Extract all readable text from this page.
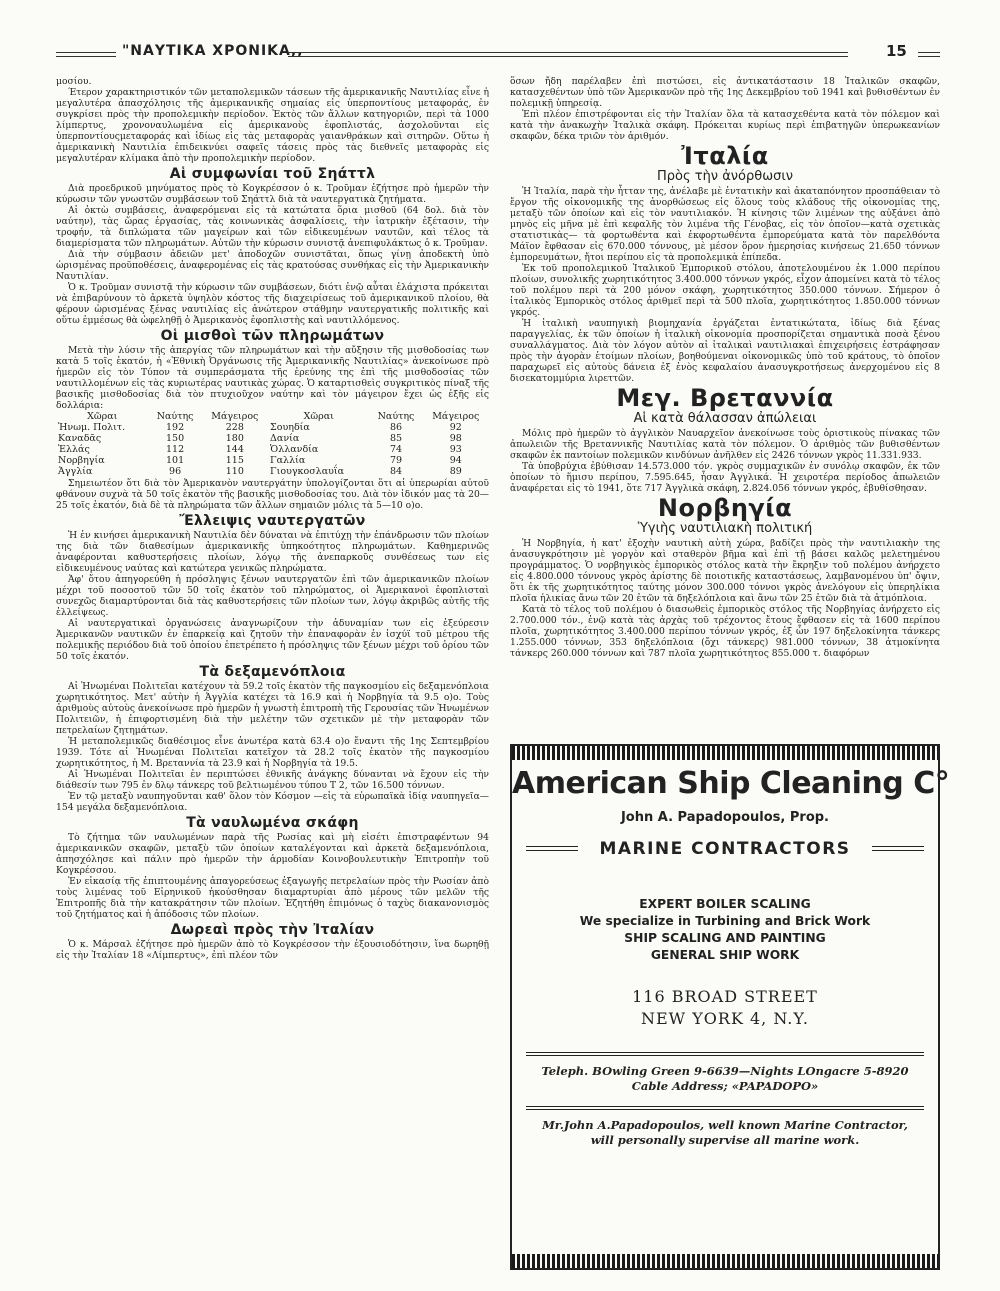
"ΝΑΥΤΙΚΑ ΧΡΟΝΙΚΑ,,	15

μοσίου.

Έτερον χαρακτηριστικόν τῶν μεταπολεμικῶν τάσεων τῆς ἀμερικανικῆς Ναυτιλίας εἶνε ἡ μεγαλυτέρα ἀπασχόλησις τῆς ἀμερικανικῆς σημαίας εἰς ὑπερποντίους μεταφοράς, ἐν συγκρίσει πρὸς τὴν προπολεμικὴν περίοδον. Ἐκτὸς τῶν ἄλλων κατηγοριῶν, περὶ τὰ 1000 λίμπερτυς, χρονοναυλωμένα εἰς ἀμερικανοὺς ἐφοπλιστάς, ἀσχολοῦνται εἰς ὑπερποντίουςμεταφοράς καὶ ἰδίως εἰς τὰς μεταφορὰς γαιανθράκων καὶ σιτηρῶν. Οὕτω ἡ ἀμερικανικὴ Ναυτιλία ἐπιδεικνύει σαφεῖς τάσεις πρὸς τὰς διεθνεῖς μεταφορὰς εἰς μεγαλυτέραν κλίμακα ἀπὸ τὴν προπολεμικὴν περίοδον.

Αἱ συμφωνίαι τοῦ Σηάττλ

Διὰ προεδρικοῦ μηνύματος πρὸς τὸ Κογκρέσσον ὁ κ. Τροῦμαν ἐζήτησε πρὸ ἡμερῶν τὴν κύρωσιν τῶν γνωστῶν συμβάσεων τοῦ Σηάττλ διὰ τὰ ναυτεργατικὰ ζητήματα.

Αἱ ὀκτὼ συμβάσεις, ἀναφερόμεναι εἰς τὰ κατώτατα ὅρια μισθοῦ (64 δολ. διὰ τὸν ναύτην), τὰς ὥρας ἐργασίας, τὰς κοινωνικὰς ἀσφαλίσεις, τὴν ἰατρικὴν ἐξέτασιν, τὴν τροφήν, τὰ διπλώματα τῶν μαγείρων καὶ τῶν εἰδικευμένων ναυτῶν, καὶ τέλος τὰ διαμερίσματα τῶν πληρωμάτων. Αὐτῶν τὴν κύρωσιν συνιστᾷ ἀνεπιφυλάκτως ὁ κ. Τροῦμαν.

Διὰ τὴν σύμβασιν ἀδειῶν μετ' ἀποδοχῶν συνιστᾶται, ὅπως γίνῃ ἀποδεκτὴ ὑπὸ ὡρισμένας προϋποθέσεις, ἀναφερομένας εἰς τὰς κρατούσας συνθήκας εἰς τὴν Ἀμερικανικὴν Ναυτιλίαν.

Ὁ κ. Τροῦμαν συνιστᾷ τὴν κύρωσιν τῶν συμβάσεων, διότι ἐνῷ αὗται ἐλάχιστα πρόκειται νὰ ἐπιβαρύνουν τὸ ἀρκετὰ ὑψηλὸν κόστος τῆς διαχειρίσεως τοῦ ἀμερικανικοῦ πλοίου, θὰ φέρουν ὡρισμένας ξένας ναυτιλίας εἰς ἀνώτερον στάθμην ναυτεργατικῆς πολιτικῆς καὶ οὕτω ἐμμέσως θὰ ὠφεληθῇ ὁ Ἀμερικανὸς ἐφοπλιστὴς καὶ ναυτιλλόμενος.

Οἱ μισθοὶ τῶν πληρωμάτων

Μετὰ τὴν λύσιν τῆς ἀπεργίας τῶν πληρωμάτων καὶ τὴν αὔξησιν τῆς μισθοδοσίας των κατὰ 5 τοῖς ἑκατόν, ἡ «Ἐθνικὴ Ὀργάνωσις τῆς Ἀμερικανικῆς Ναυτιλίας» ἀνεκοίνωσε πρὸ ἡμερῶν εἰς τὸν Τύπον τὰ συμπεράσματα τῆς ἐρεύνης της ἐπὶ τῆς μισθοδοσίας τῶν ναυτιλλομένων εἰς τὰς κυριωτέρας ναυτικὰς χώρας. Ὁ καταρτισθεὶς συγκριτικὸς πίναξ τῆς βασικῆς μισθοδοσίας διὰ τὸν πτυχιοῦχον ναύτην καὶ τὸν μάγειρον ἔχει ὡς ἑξῆς εἰς δολλάρια:

Χῶραι	Ναύτης	Μάγειρος	Χῶραι	Ναύτης	Μάγειρος
Ἡνωμ. Πολιτ.	192	228	Σουηδία	86	92
Καναδᾶς	150	180	Δανία	85	98
Ἑλλάς	112	144	Ὁλλανδία	74	93
Νορβηγία	101	115	Γαλλία	79	94
Ἀγγλία	96	110	Γιουγκοσλαυΐα	84	89

Σημειωτέον ὅτι διὰ τὸν Ἀμερικανὸν ναυτεργάτην ὑπολογίζονται ὅτι αἱ ὑπερωρίαι αὐτοῦ φθάνουν συχνὰ τὰ 50 τοῖς ἑκατὸν τῆς βασικῆς μισθοδοσίας του. Διὰ τὸν ἰδικόν μας τὰ 20—25 τοῖς ἑκατόν, διὰ δὲ τὰ πληρώματα τῶν ἄλλων σημαιῶν μόλις τὰ 5—10 ο)ο.

Ἔλλειψις ναυτεργατῶν

Ἡ ἐν κινήσει ἀμερικανικὴ Ναυτιλία δὲν δύναται νὰ ἐπιτύχῃ τὴν ἐπάνδρωσιν τῶν πλοίων της διὰ τῶν διαθεσίμων ἀμερικανικῆς ὑπηκοότητος πληρωμάτων. Καθημερινῶς ἀναφέρονται καθυστερήσεις πλοίων, λόγῳ τῆς ἀνεπαρκοῦς συνθέσεως των εἰς εἰδικευμένους ναύτας καὶ κατώτερα γενικῶς πληρώματα.

Ἀφ' ὅτου ἀπηγορεύθη ἡ πρόσληψις ξένων ναυτεργατῶν ἐπὶ τῶν ἀμερικανικῶν πλοίων μέχρι τοῦ ποσοστοῦ τῶν 50 τοῖς ἑκατὸν τοῦ πληρώματος, οἱ Ἀμερικανοὶ ἐφοπλισταὶ συνεχῶς διαμαρτύρονται διὰ τὰς καθυστερήσεις τῶν πλοίων των, λόγῳ ἀκριβῶς αὐτῆς τῆς ἐλλείψεως.

Αἱ ναυτεργατικαὶ ὀργανώσεις ἀναγνωρίζουν τὴν ἀδυναμίαν των εἰς ἐξεύρεσιν Ἀμερικανῶν ναυτικῶν ἐν ἐπαρκείᾳ καὶ ζητοῦν τὴν ἐπαναφορὰν ἐν ἰσχύϊ τοῦ μέτρου τῆς πολεμικῆς περιόδου διὰ τοῦ ὁποίου ἐπετρέπετο ἡ πρόσληψις τῶν ξένων μέχρι τοῦ ὁρίου τῶν 50 τοῖς ἑκατόν.

Τὰ δεξαμενόπλοια

Αἱ Ἡνωμέναι Πολιτεῖαι κατέχουν τὰ 59.2 τοῖς ἑκατὸν τῆς παγκοσμίου εἰς δεξαμενόπλοια χωρητικότητος. Μετ' αὐτὴν ἡ Ἀγγλία κατέχει τὰ 16.9 καὶ ἡ Νορβηγία τὰ 9.5 ο)ο. Τοὺς ἀριθμοὺς αὐτοὺς ἀνεκοίνωσε πρὸ ἡμερῶν ἡ γνωστὴ ἐπιτροπὴ τῆς Γερουσίας τῶν Ἡνωμένων Πολιτειῶν, ἡ ἐπιφορτισμένη διὰ τὴν μελέτην τῶν σχετικῶν μὲ τὴν μεταφορὰν τῶν πετρελαίων ζητημάτων.

Ἡ μεταπολεμικῶς διαθέσιμος εἶνε ἀνωτέρα κατὰ 63.4 ο)ο ἔναντι τῆς 1ης Σεπτεμβρίου 1939. Τότε αἱ Ἡνωμέναι Πολιτεῖαι κατεῖχον τὰ 28.2 τοῖς ἑκατὸν τῆς παγκοσμίου χωρητικότητος, ἡ Μ. Βρεταννία τὰ 23.9 καὶ ἡ Νορβηγία τὰ 19.5.

Αἱ Ἡνωμέναι Πολιτεῖαι ἐν περιπτώσει ἐθνικῆς ἀνάγκης δύνανται νὰ ἔχουν εἰς τὴν διάθεσίν των 795 ἐν δλῳ τάνκερς τοῦ βελτιωμένου τύπου Τ 2, τῶν 16.500 τόννων.

Ἐν τῷ μεταξὺ ναυπηγοῦνται καθ' ὅλον τὸν Κόσμον —εἰς τὰ εὐρωπαϊκὰ ἰδίᾳ ναυπηγεῖα— 154 μεγάλα δεξαμενόπλοια.

Τὰ ναυλωμένα σκάφη

Τὸ ζήτημα τῶν ναυλωμένων παρὰ τῆς Ρωσίας καὶ μὴ εἰσέτι ἐπιστραφέντων 94 ἀμερικανικῶν σκαφῶν, μεταξὺ τῶν ὁποίων καταλέγονται καὶ ἀρκετὰ δεξαμενόπλοια, ἀπησχόλησε καὶ πάλιν πρὸ ἡμερῶν τὴν ἁρμοδίαν Κοινοβουλευτικὴν Ἐπιτροπὴν τοῦ Κογκρέσσου.

Ἐν εἰκασίᾳ τῆς ἐπιπτουμένης ἀπαγορεύσεως ἐξαγωγῆς πετρελαίων πρὸς τὴν Ρωσίαν ἀπὸ τοὺς λιμένας τοῦ Εἰρηνικοῦ ἠκούσθησαν διαμαρτυρίαι ἀπὸ μέρους τῶν μελῶν τῆς Ἐπιτροπῆς διὰ τὴν κατακράτησιν τῶν πλοίων. Ἐζητήθη ἐπιμόνως ὁ ταχὺς διακανονισμὸς τοῦ ζητήματος καὶ ἡ ἀπόδοσις τῶν πλοίων.

Δωρεαὶ πρὸς τὴν Ἰταλίαν

Ὁ κ. Μάρσαλ ἐζήτησε πρὸ ἡμερῶν ἀπὸ τὸ Κογκρέσσον τὴν ἐξουσιοδότησιν, ἵνα δωρηθῇ εἰς τὴν Ἰταλίαν 18 «Λίμπερτυς», ἐπὶ πλέον τῶν

ὅσων ἤδη παρέλαβεν ἐπὶ πιστώσει, εἰς ἀντικατάστασιν 18 Ἰταλικῶν σκαφῶν, κατασχεθέντων ὑπὸ τῶν Ἀμερικανῶν πρὸ τῆς 1ης Δεκεμβρίου τοῦ 1941 καὶ βυθισθέντων ἐν πολεμικῇ ὑπηρεσίᾳ.

Ἐπὶ πλέον ἐπιστρέφονται εἰς τὴν Ἰταλίαν ὅλα τὰ κατασχεθέντα κατὰ τὸν πόλεμον καὶ κατὰ τὴν ἀνακωχὴν Ἰταλικὰ σκάφη. Πρόκειται κυρίως περὶ ἐπιβατηγῶν ὑπερωκεανίων σκαφῶν, δέκα τριῶν τὸν ἀριθμόν.

Ἰταλία
Πρὸς τὴν ἀνόρθωσιν

Ἡ Ἰταλία, παρὰ τὴν ἧτταν της, ἀνέλαβε μὲ ἐντατικὴν καὶ ἀκαταπόνητον προσπάθειαν τὸ ἔργον τῆς οἰκονομικῆς της ἀνορθώσεως εἰς ὅλους τοὺς κλάδους τῆς οἰκονομίας της, μεταξὺ τῶν ὁποίων καὶ εἰς τὸν ναυτιλιακόν. Ἡ κίνησις τῶν λιμένων της αὐξάνει ἀπὸ μηνὸς εἰς μῆνα μὲ ἐπὶ κεφαλῆς τὸν λιμένα τῆς Γένοβας, εἰς τὸν ὁποῖον—κατὰ σχετικὰς στατιστικὰς— τὰ φορτωθέντα καὶ ἐκφορτωθέντα ἐμπορεύματα κατὰ τὸν παρελθόντα Μάϊον ἔφθασαν εἰς 670.000 τόννους, μὲ μέσον ὅρον ἡμερησίας κινήσεως 21.650 τόννων ἐμπορευμάτων, ἤτοι περίπου εἰς τὰ προπολεμικὰ ἐπίπεδα.

Ἐκ τοῦ προπολεμικοῦ Ἰταλικοῦ Ἐμπορικοῦ στόλου, ἀποτελουμένου ἐκ 1.000 περίπου πλοίων, συνολικῆς χωρητικότητος 3.400.000 τόννων γκρός, εἶχον ἀπομείνει κατὰ τὸ τέλος τοῦ πολέμου περὶ τὰ 200 μόνον σκάφη, χωρητικότητος 350.000 τόννων. Σήμερον ὁ ἰταλικὸς Ἐμπορικὸς στόλος ἀριθμεῖ περὶ τὰ 500 πλοῖα, χωρητικότητος 1.850.000 τόννων γκρός.

Ἡ ἰταλικὴ ναυπηγικὴ βιομηχανία ἐργάζεται ἐντατικώτατα, ἰδίως διὰ ξένας παραγγελίας, ἐκ τῶν ὁποίων ἡ ἰταλικὴ οἰκονομία προσπορίζεται σημαντικὰ ποσὰ ξένου συναλλάγματος. Διὰ τὸν λόγον αὐτὸν αἱ ἰταλικαὶ ναυτιλιακαὶ ἐπιχειρήσεις ἐστράφησαν πρὸς τὴν ἀγορὰν ἑτοίμων πλοίων, βοηθούμεναι οἰκονομικῶς ὑπὸ τοῦ κράτους, τὸ ὁποῖον παραχωρεῖ εἰς αὐτοὺς δάνεια ἐξ ἑνὸς κεφαλαίου ἀνασυγκροτήσεως ἀνερχομένου εἰς 8 δισεκατομμύρια λιρεττῶν.

Μεγ. Βρεταννία
Αἱ κατὰ θάλασσαν ἀπώλειαι

Μόλις πρὸ ἡμερῶν τὸ ἀγγλικὸν Ναυαρχεῖον ἀνεκοίνωσε τοὺς ὁριστικοὺς πίνακας τῶν ἀπωλειῶν τῆς Βρεταννικῆς Ναυτιλίας κατὰ τὸν πόλεμον. Ὁ ἀριθμὸς τῶν βυθισθέντων σκαφῶν ἐκ παντοίων πολεμικῶν κινδύνων ἀνῆλθεν εἰς 2426 τόννων γκρὸς 11.331.933.

Τὰ ὑποβρύχια ἐβύθισαν 14.573.000 τόν. γκρὸς συμμαχικῶν ἐν συνόλῳ σκαφῶν, ἐκ τῶν ὁποίων τὸ ἥμισυ περίπου, 7.595.645, ἦσαν Ἀγγλικά. Ἡ χειροτέρα περίοδος ἀπωλειῶν ἀναφέρεται εἰς τὸ 1941, ὅτε 717 Ἀγγλικὰ σκάφη, 2.824.056 τόννων γκρός, ἐβυθίσθησαν.

Νορβηγία
Ὑγιὴς ναυτιλιακὴ πολιτική

Ἡ Νορβηγία, ἡ κατ' ἐξοχὴν ναυτικὴ αὐτὴ χώρα, βαδίζει πρὸς τὴν ναυτιλιακὴν της ἀνασυγκρότησιν μὲ γοργὸν καὶ σταθερὸν βῆμα καὶ ἐπὶ τῇ βάσει καλῶς μελετημένου προγράμματος. Ὁ νορβηγικὸς ἐμπορικὸς στόλος κατὰ τὴν ἔκρηξιν τοῦ πολέμου ἀνήρχετο εἰς 4.800.000 τόννους γκρὸς ἀρίστης δὲ ποιοτικῆς καταστάσεως, λαμβανομένου ὑπ' ὄψιν, ὅτι ἐκ τῆς χωρητικότητος ταύτης μόνον 300.000 τόννοι γκρὸς ἀνελόγουν εἰς ὑπερηλίκια πλοῖα ἡλικίας ἄνω τῶν 20 ἐτῶν τὰ δηξελόπλοια καὶ ἄνω τῶν 25 ἐτῶν διὰ τὰ ἀτμόπλοια.

Κατὰ τὸ τέλος τοῦ πολέμου ὁ διασωθεὶς ἐμπορικὸς στόλος τῆς Νορβηγίας ἀνήρχετο εἰς 2.700.000 τόν., ἐνῷ κατὰ τὰς ἀρχὰς τοῦ τρέχοντος ἔτους ἔφθασεν εἰς τὰ 1600 περίπου πλοῖα, χωρητικότητος 3.400.000 περίπου τόννων γκρός, ἐξ ὧν 197 δηξελοκίνητα τάνκερς 1.255.000 τόννων, 353 δηξελόπλοια (ὄχι τάνκερς) 981.000 τόννων, 38 ἀτμοκίνητα τάνκερς 260.000 τόννων καὶ 787 πλοῖα χωρητικότητος 855.000 τ. διαφόρων

American Ship Cleaning C°
John A. Papadopoulos, Prop.
MARINE CONTRACTORS
EXPERT BOILER SCALING
We specialize in Turbining and Brick Work
SHIP SCALING AND PAINTING
GENERAL SHIP WORK
116 BROAD STREET
NEW YORK 4, N.Y.
Teleph. BOwling Green 9-6639—Nights LOngacre 5-8920
Cable Address; «PAPADOPO»
Mr.John A.Papadopoulos, well known Marine Contractor,
will personally supervise all marine work.
